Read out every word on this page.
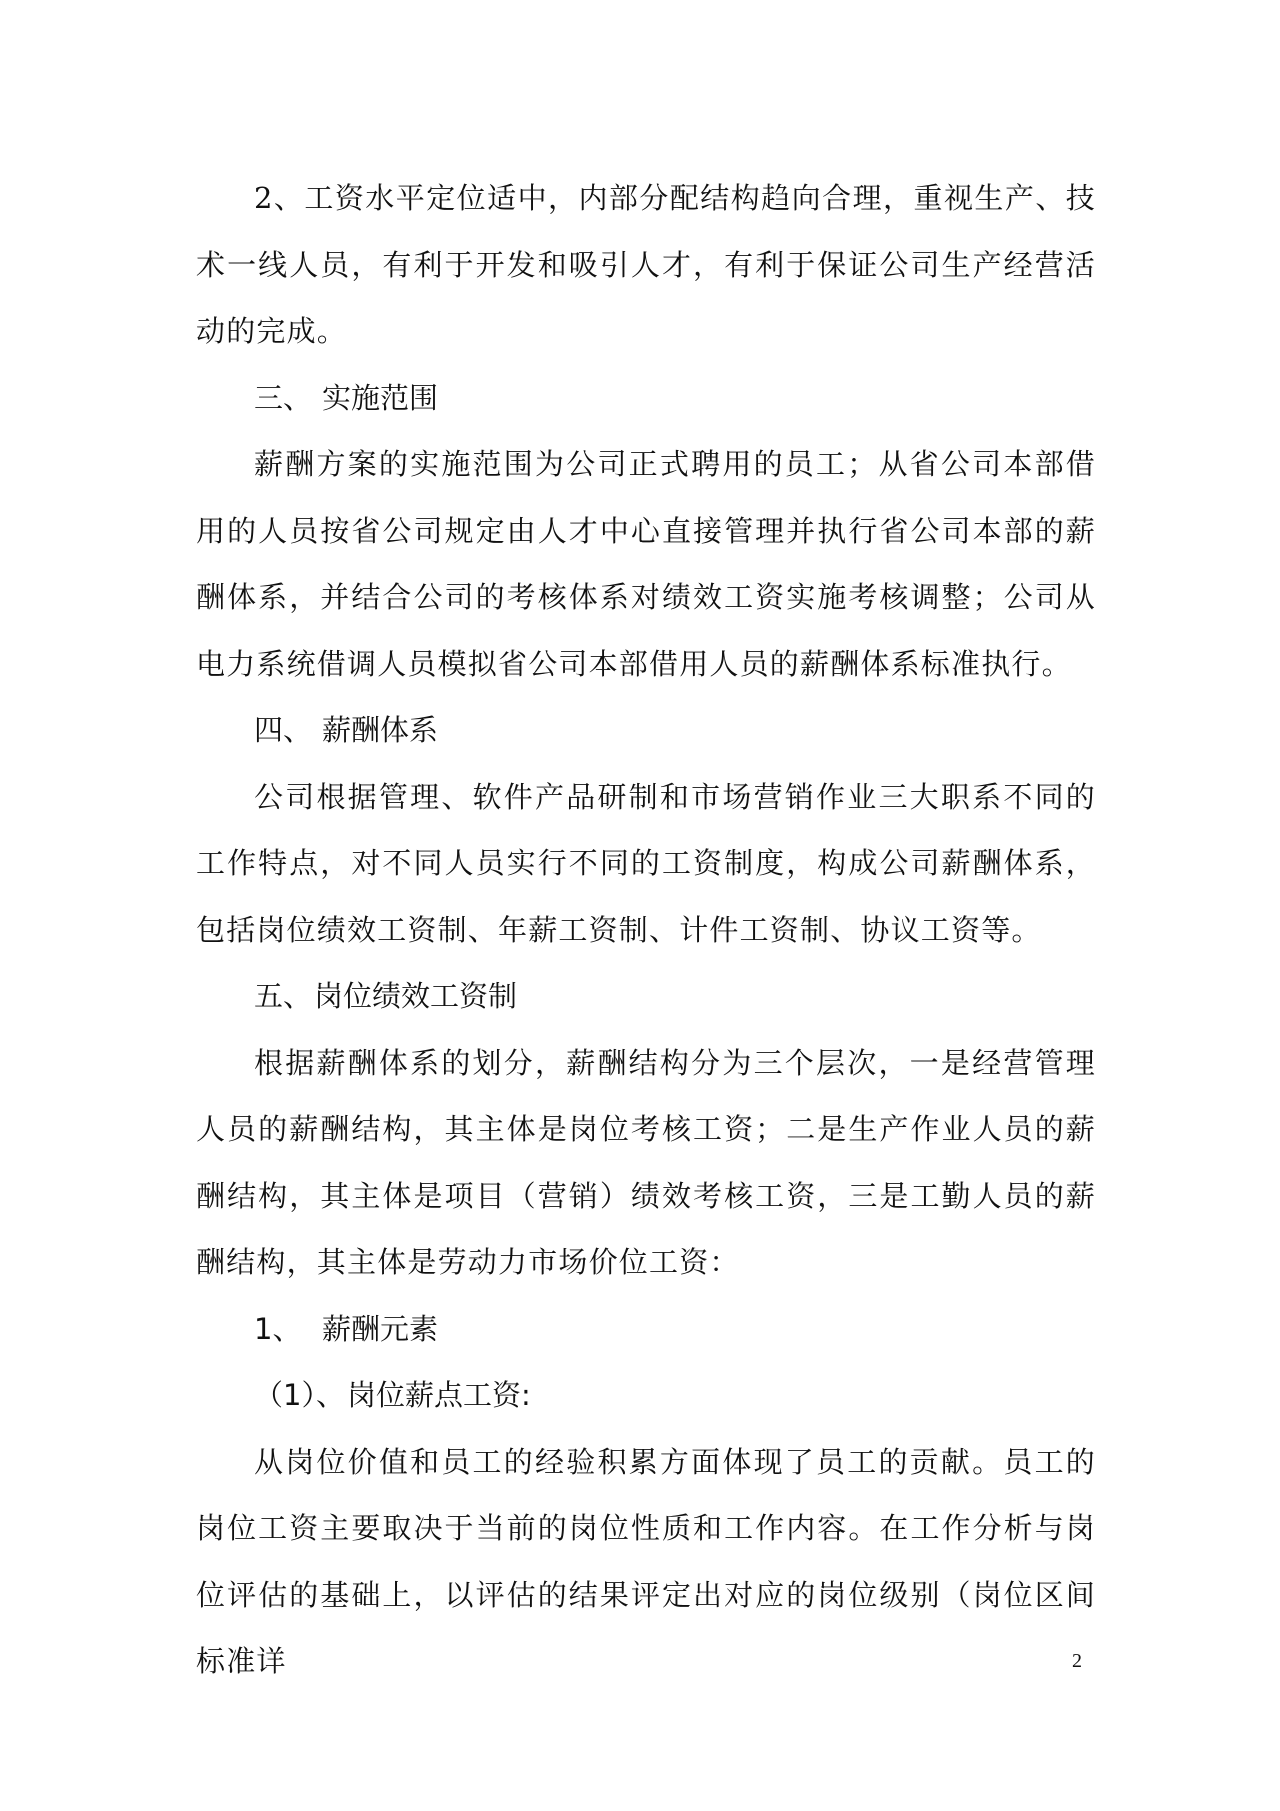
2、工资水平定位适中，内部分配结构趋向合理，重视生产、技术一线人员，有利于开发和吸引人才，有利于保证公司生产经营活动的完成。

三、 实施范围

薪酬方案的实施范围为公司正式聘用的员工；从省公司本部借用的人员按省公司规定由人才中心直接管理并执行省公司本部的薪酬体系，并结合公司的考核体系对绩效工资实施考核调整；公司从电力系统借调人员模拟省公司本部借用人员的薪酬体系标准执行。

四、 薪酬体系

公司根据管理、软件产品研制和市场营销作业三大职系不同的工作特点，对不同人员实行不同的工资制度，构成公司薪酬体系，包括岗位绩效工资制、年薪工资制、计件工资制、协议工资等。

五、岗位绩效工资制

根据薪酬体系的划分，薪酬结构分为三个层次，一是经营管理人员的薪酬结构，其主体是岗位考核工资；二是生产作业人员的薪酬结构，其主体是项目（营销）绩效考核工资，三是工勤人员的薪酬结构，其主体是劳动力市场价位工资：

1、 薪酬元素

（1）、岗位薪点工资:

从岗位价值和员工的经验积累方面体现了员工的贡献。员工的岗位工资主要取决于当前的岗位性质和工作内容。在工作分析与岗位评估的基础上，以评估的结果评定出对应的岗位级别（岗位区间标准详	2
